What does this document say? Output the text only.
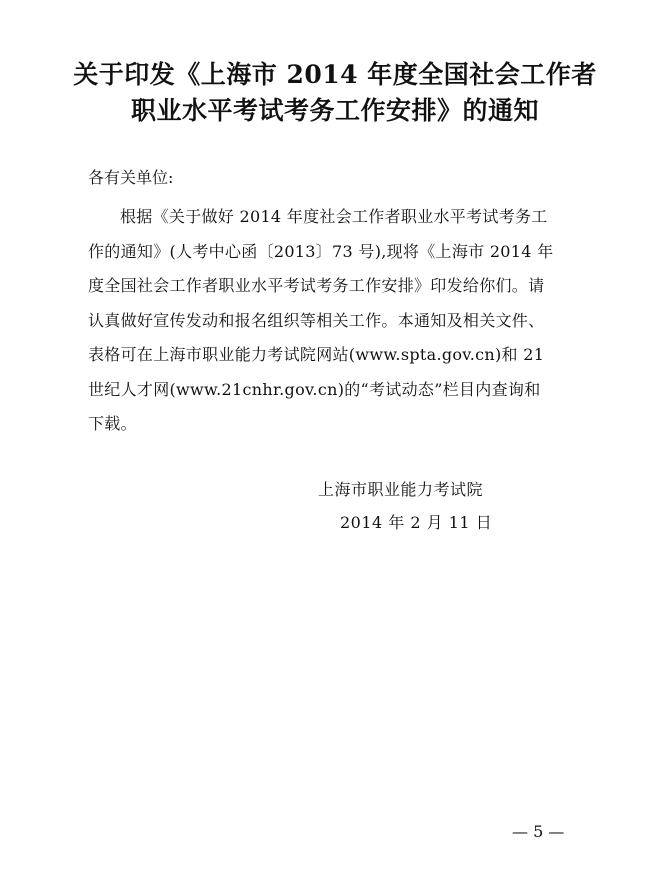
关于印发《上海市 2014 年度全国社会工作者
职业水平考试考务工作安排》的通知

各有关单位:

根据《关于做好 2014 年度社会工作者职业水平考试考务工
作的通知》(人考中心函〔2013〕73 号),现将《上海市 2014 年
度全国社会工作者职业水平考试考务工作安排》印发给你们。请
认真做好宣传发动和报名组织等相关工作。本通知及相关文件、
表格可在上海市职业能力考试院网站(www.spta.gov.cn)和 21
世纪人才网(www.21cnhr.gov.cn)的“考试动态”栏目内查询和
下载。

上海市职业能力考试院

2014 年 2 月 11 日

— 5 —
